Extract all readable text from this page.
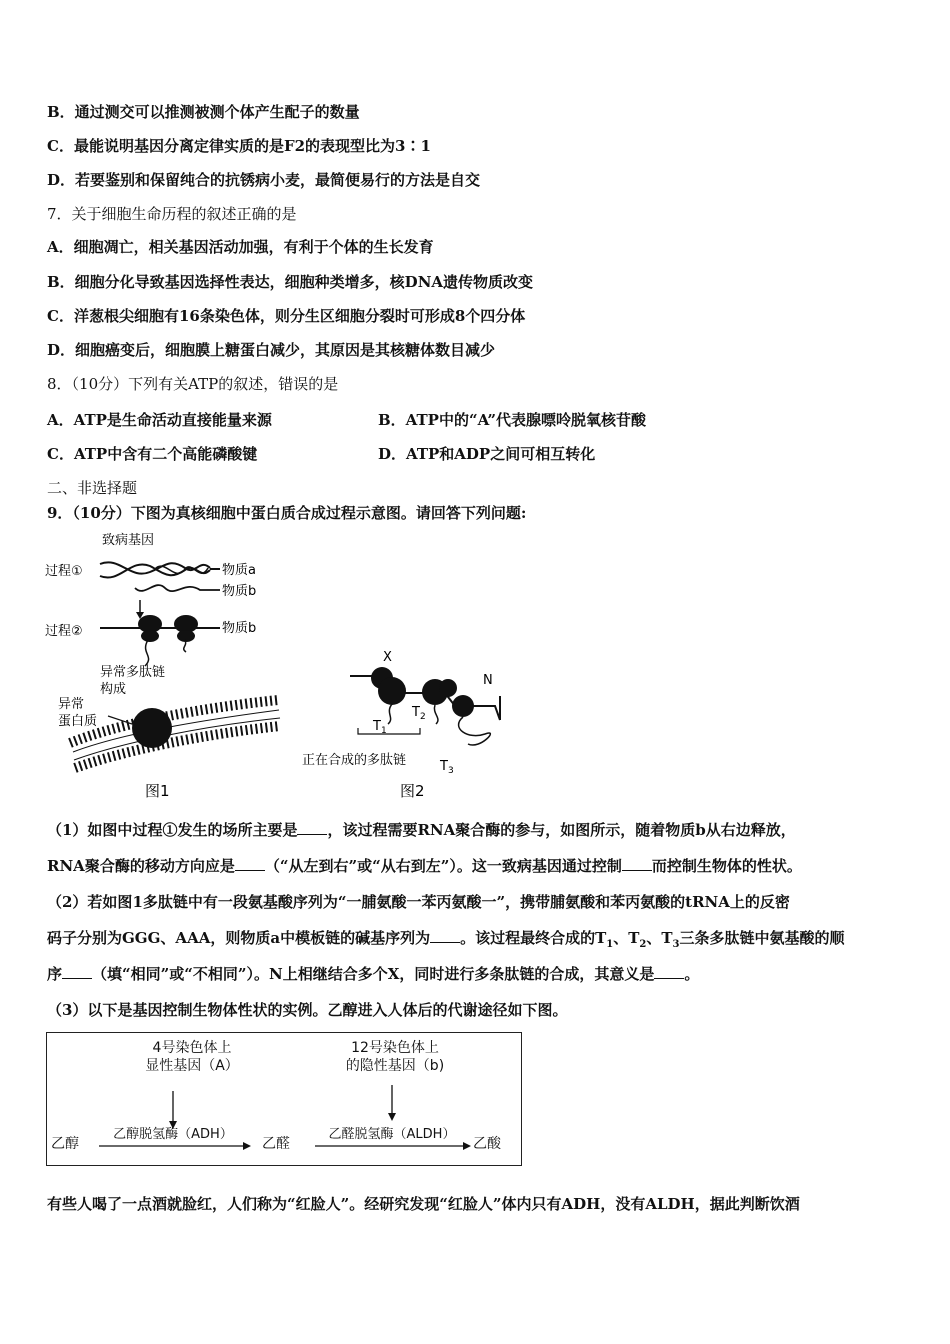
B．通过测交可以推测被测个体产生配子的数量
C．最能说明基因分离定律实质的是F2的表现型比为3∶1
D．若要鉴别和保留纯合的抗锈病小麦，最简便易行的方法是自交
7．关于细胞生命历程的叙述正确的是
A．细胞凋亡，相关基因活动加强，有利于个体的生长发育
B．细胞分化导致基因选择性表达，细胞种类增多，核DNA遗传物质改变
C．洋葱根尖细胞有16条染色体，则分生区细胞分裂时可形成8个四分体
D．细胞癌变后，细胞膜上糖蛋白减少，其原因是其核糖体数目减少
8．（10分）下列有关ATP的叙述，错误的是
A．ATP是生命活动直接能量来源	B．ATP中的“A”代表腺嘌呤脱氧核苷酸
C．ATP中含有二个高能磷酸键	D．ATP和ADP之间可相互转化
二、非选择题
9．（10分）下图为真核细胞中蛋白质合成过程示意图。请回答下列问题:
致病基因
过程①	物质a
物质b
过程②	物质b
异常多肽链
构成
异常
蛋白质
图1
X
N
$T_2$
$T_1$
正在合成的多肽链	$T_3$
图2
（1）如图中过程①发生的场所主要是 ，该过程需要RNA聚合酶的参与，如图所示，随着物质b从右边释放，
RNA聚合酶的移动方向应是 （“从左到右”或“从右到左”）。这一致病基因通过控制 而控制生物体的性状。
（2）若如图1多肽链中有一段氨基酸序列为“一脯氨酸一苯丙氨酸一”，携带脯氨酸和苯丙氨酸的tRNA上的反密
码子分别为GGG、AAA，则物质a中模板链的碱基序列为 。该过程最终合成的$T_1$、$T_2$、$T_3$三条多肽链中氨基酸的顺
序 （填“相同”或“不相同”）。N上相继结合多个X，同时进行多条肽链的合成，其意义是 。
（3）以下是基因控制生物体性状的实例。乙醇进入人体后的代谢途径如下图。
4号染色体上
显性基因（A）
12号染色体上
的隐性基因（b)
乙醇
乙醇脱氢酶（ADH）
乙醛
乙醛脱氢酶（ALDH）
乙酸
有些人喝了一点酒就脸红，人们称为“红脸人”。经研究发现“红脸人”体内只有ADH，没有ALDH，据此判断饮酒
